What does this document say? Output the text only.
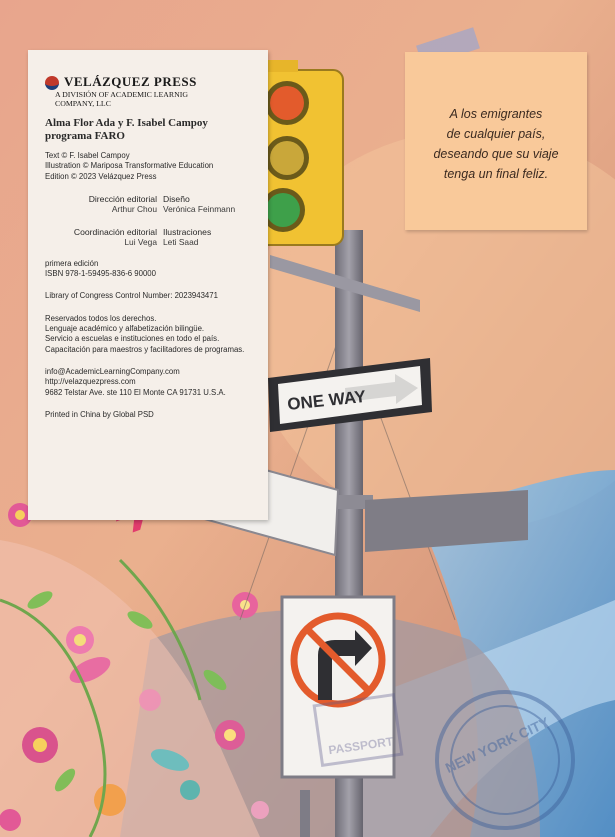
ONE WAY
PASSPORT	NEW YORK CITY
VELÁZQUEZ PRESS
A DIVISIÓN OF ACADEMIC LEARNIG COMPANY, LLC
Alma Flor Ada y F. Isabel Campoy
programa FARO
Text © F. Isabel Campoy
Illustration © Mariposa Transformative Education
Edition © 2023 Velázquez Press
Dirección editorial
Arthur Chou
Diseño
Verónica Feinmann
Coordinación editorial
Lui Vega
Ilustraciones
Leti Saad
primera edición
ISBN 978-1-59495-836-6 90000
Library of Congress Control Number: 2023943471
Reservados todos los derechos.
Lenguaje académico y alfabetización bilingüe.
Servicio a escuelas e instituciones en todo el país.
Capacitación para maestros y facilitadores de programas.
info@AcademicLearningCompany.com
http://velazquezpress.com
9682 Telstar Ave. ste 110 El Monte CA 91731 U.S.A.
Printed in China by Global PSD
A los emigrantes
de cualquier país,
deseando que su viaje
tenga un final feliz.
